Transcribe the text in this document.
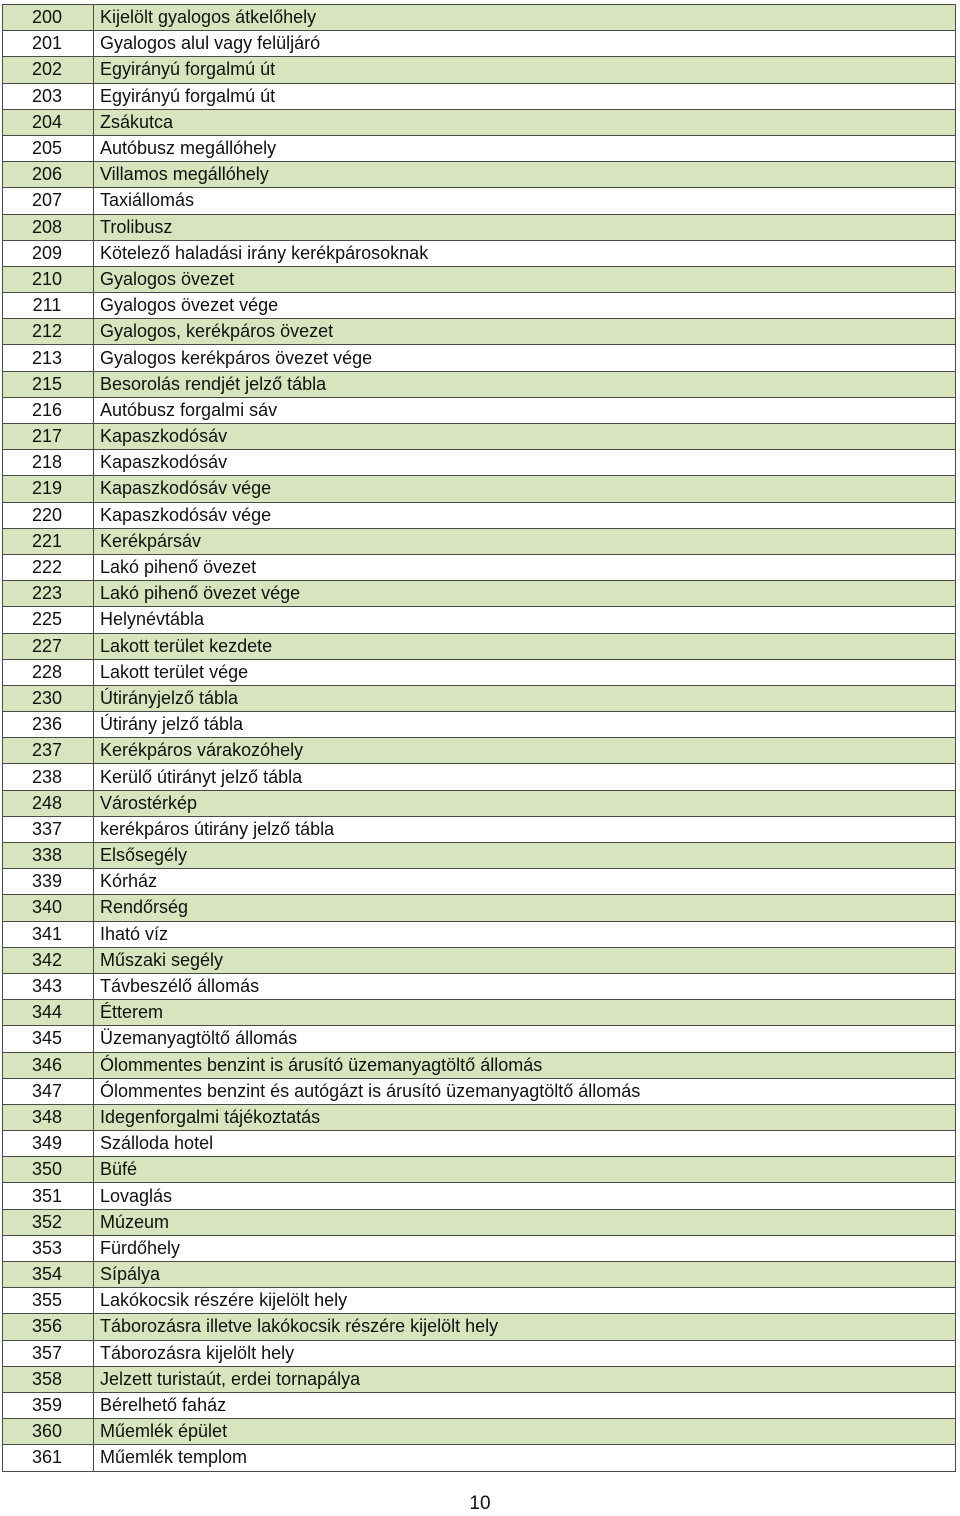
200	Kijelölt gyalogos átkelőhely
201	Gyalogos alul vagy felüljáró
202	Egyirányú forgalmú út
203	Egyirányú forgalmú út
204	Zsákutca
205	Autóbusz megállóhely
206	Villamos megállóhely
207	Taxiállomás
208	Trolibusz
209	Kötelező haladási irány kerékpárosoknak
210	Gyalogos övezet
211	Gyalogos övezet vége
212	Gyalogos, kerékpáros övezet
213	Gyalogos kerékpáros övezet vége
215	Besorolás rendjét jelző tábla
216	Autóbusz forgalmi sáv
217	Kapaszkodósáv
218	Kapaszkodósáv
219	Kapaszkodósáv vége
220	Kapaszkodósáv vége
221	Kerékpársáv
222	Lakó pihenő övezet
223	Lakó pihenő övezet vége
225	Helynévtábla
227	Lakott terület kezdete
228	Lakott terület vége
230	Útirányjelző tábla
236	Útirány jelző tábla
237	Kerékpáros várakozóhely
238	Kerülő útirányt jelző tábla
248	Várostérkép
337	kerékpáros útirány jelző tábla
338	Elsősegély
339	Kórház
340	Rendőrség
341	Iható víz
342	Műszaki segély
343	Távbeszélő állomás
344	Étterem
345	Üzemanyagtöltő állomás
346	Ólommentes benzint is árusító üzemanyagtöltő állomás
347	Ólommentes benzint és autógázt is árusító üzemanyagtöltő állomás
348	Idegenforgalmi tájékoztatás
349	Szálloda hotel
350	Büfé
351	Lovaglás
352	Múzeum
353	Fürdőhely
354	Sípálya
355	Lakókocsik részére kijelölt hely
356	Táborozásra illetve lakókocsik részére kijelölt hely
357	Táborozásra kijelölt hely
358	Jelzett turistaút, erdei tornapálya
359	Bérelhető faház
360	Műemlék épület
361	Műemlék templom
10
